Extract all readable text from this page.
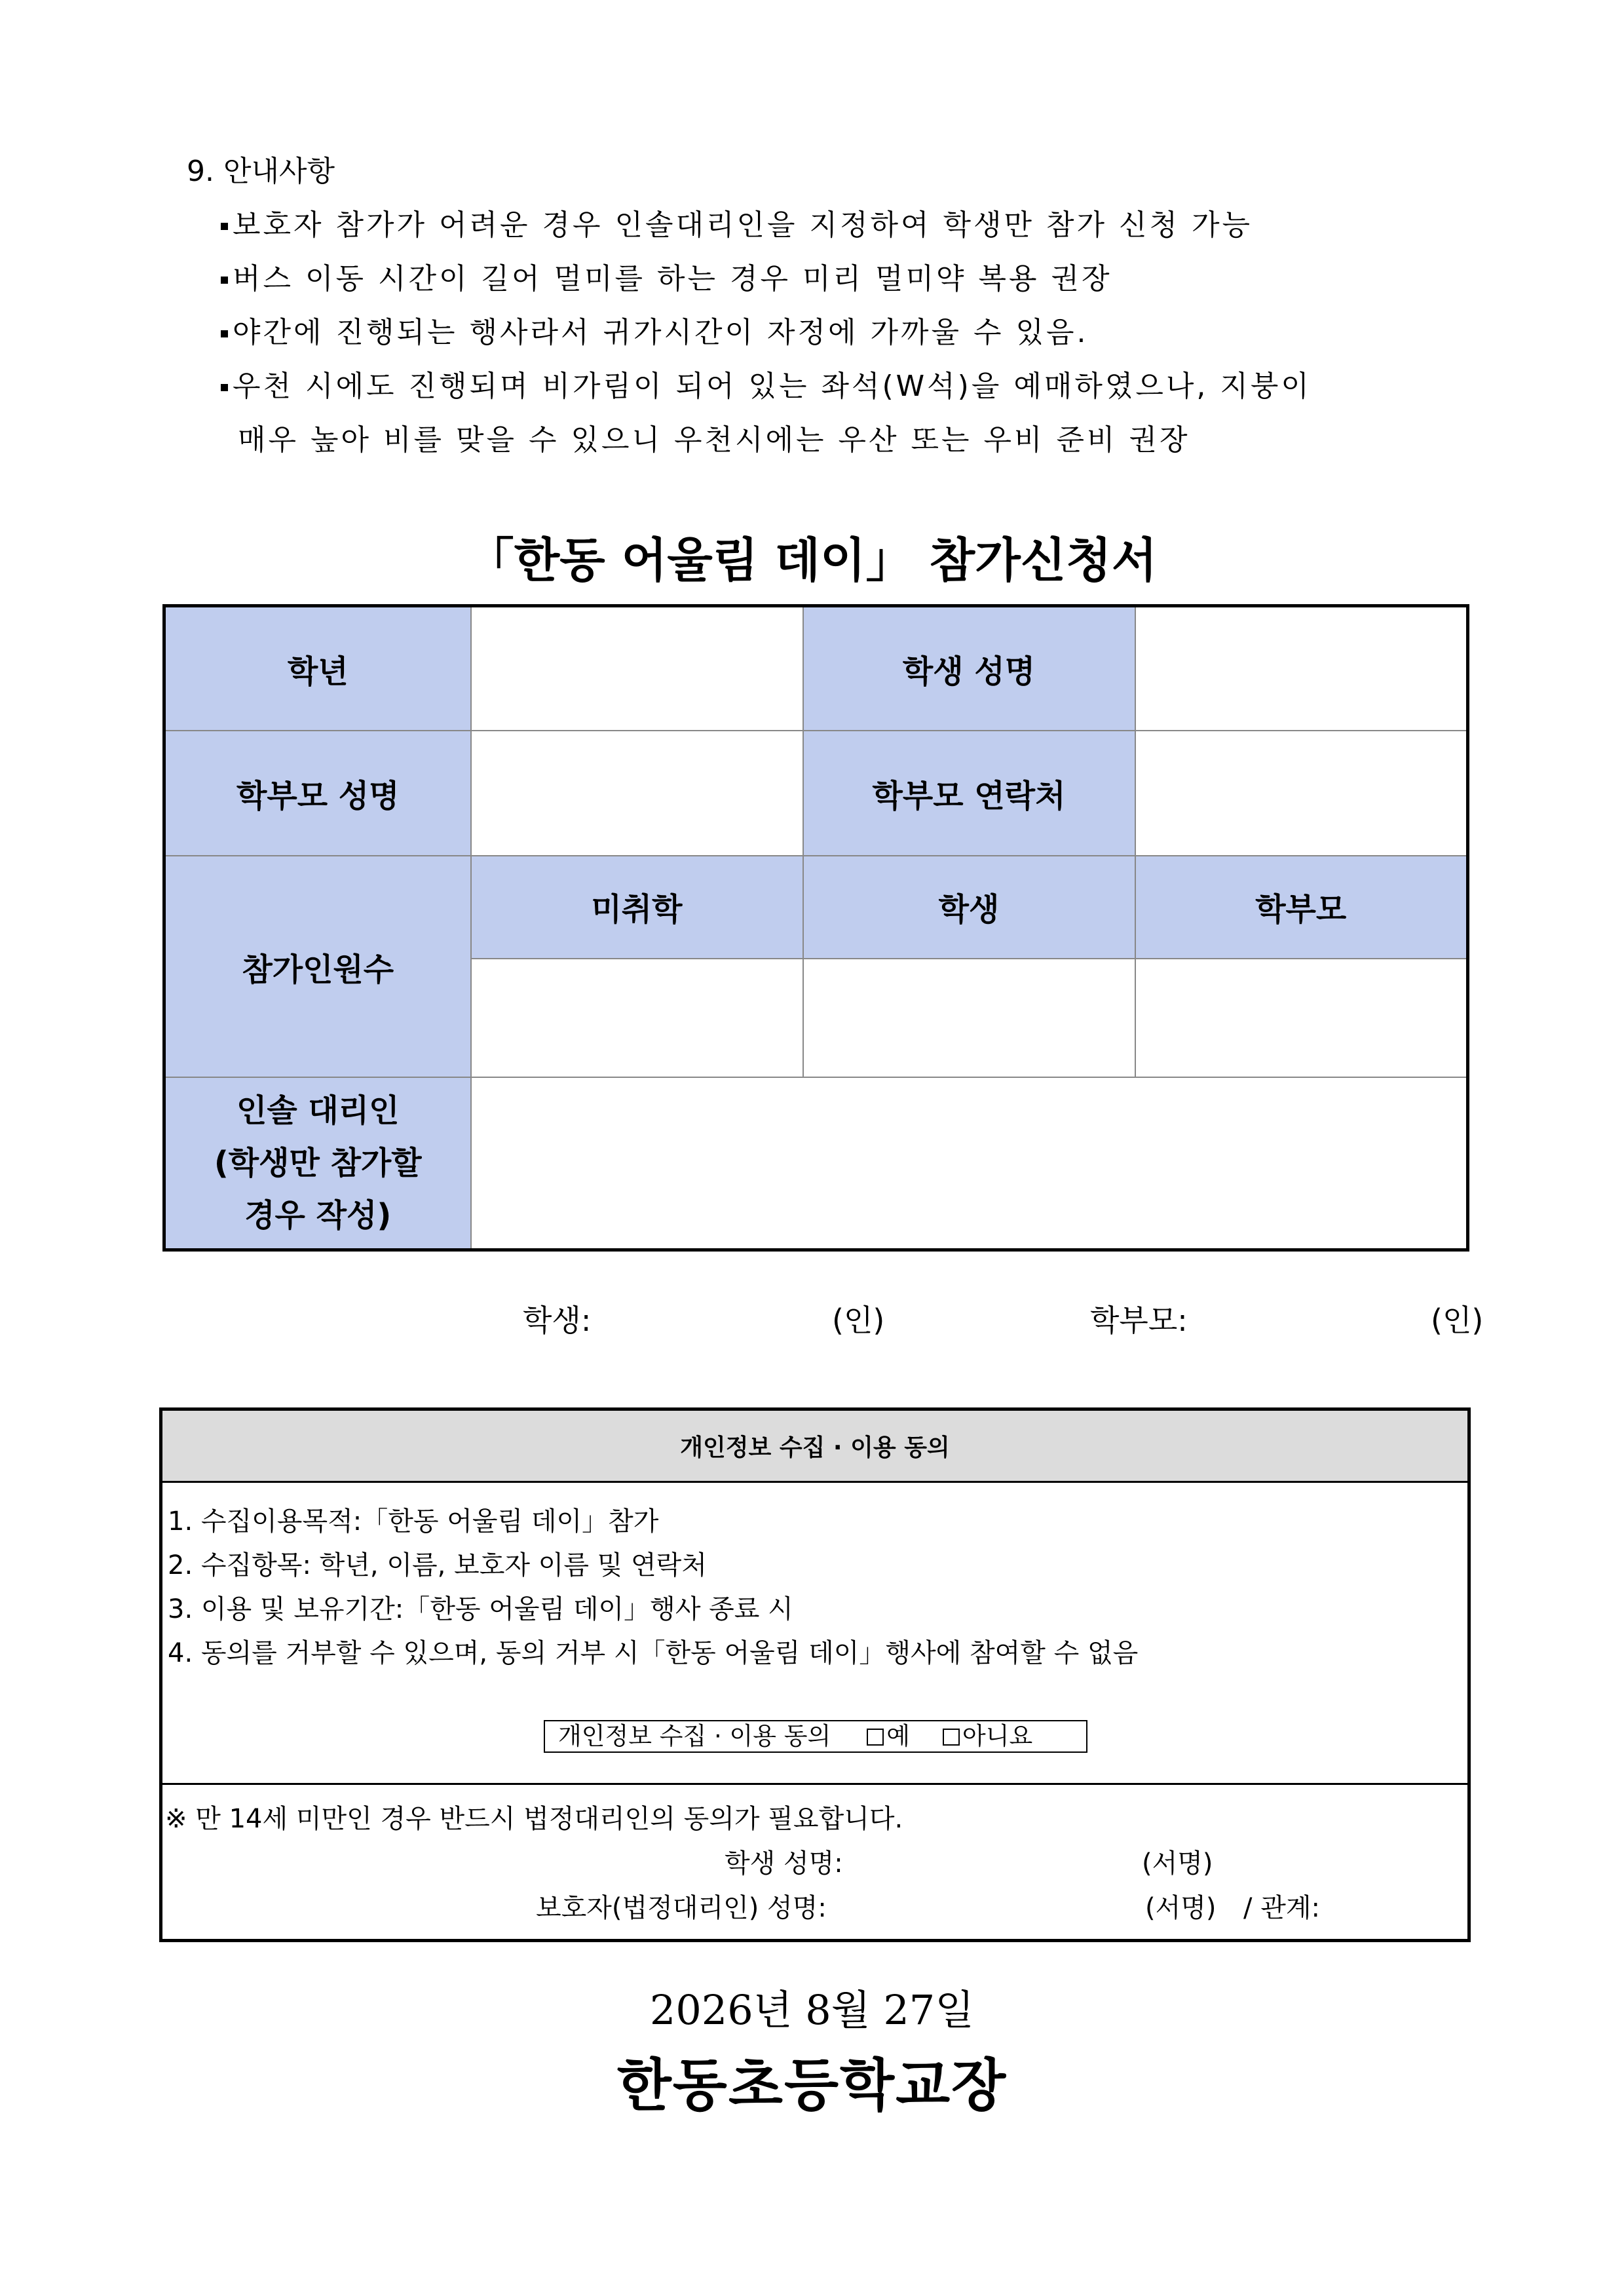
9. 안내사항
보호자 참가가 어려운 경우 인솔대리인을 지정하여 학생만 참가 신청 가능
버스 이동 시간이 길어 멀미를 하는 경우 미리 멀미약 복용 권장
야간에 진행되는 행사라서 귀가시간이 자정에 가까울 수 있음.
우천 시에도 진행되며 비가림이 되어 있는 좌석(W석)을 예매하였으나, 지붕이
매우 높아 비를 맞을 수 있으니 우천시에는 우산 또는 우비 준비 권장
「한동 어울림 데이」 참가신청서
학년		학생 성명	
학부모 성명		학부모 연락처	
참가인원수	미취학	학생	학부모

인솔 대리인
(학생만 참가할
경우 작성)			

학생:	(인)	학부모:	(인)
개인정보 수집 · 이용 동의
1. 수집이용목적:「한동 어울림 데이」참가
2. 수집항목: 학년, 이름, 보호자 이름 및 연락처
3. 이용 및 보유기간:「한동 어울림 데이」행사 종료 시
4. 동의를 거부할 수 있으며, 동의 거부 시「한동 어울림 데이」행사에 참여할 수 없음
개인정보 수집 · 이용 동의	예	아니요
※ 만 14세 미만인 경우 반드시 법정대리인의 동의가 필요합니다.
학생 성명:	(서명)
보호자(법정대리인) 성명:	(서명) / 관계:
2026년 8월 27일
한동초등학교장
